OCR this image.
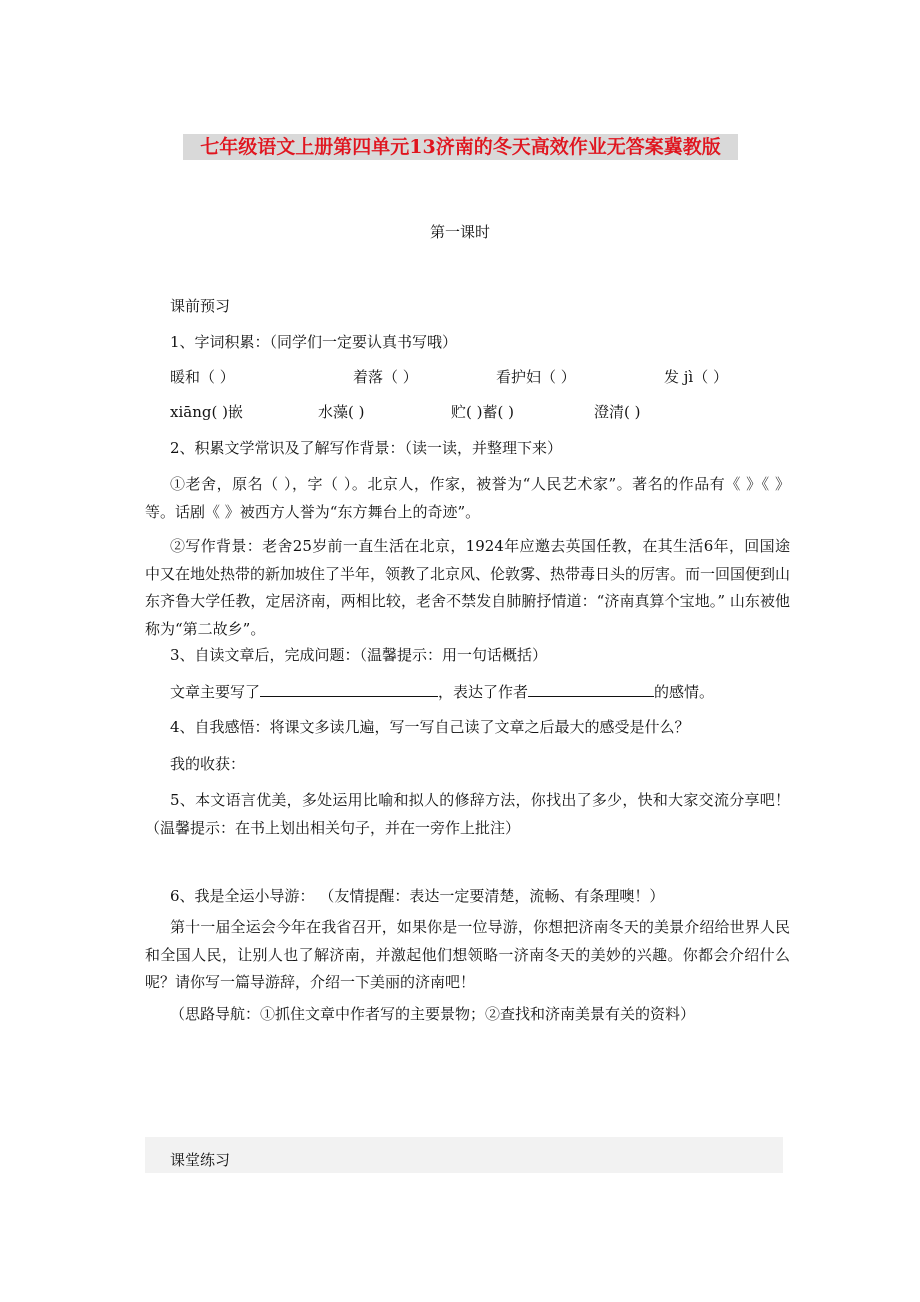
七年级语文上册第四单元13济南的冬天高效作业无答案冀教版
第一课时
课前预习
1、字词积累：（同学们一定要认真书写哦）
暖和（ ）	着落（ ）	看护妇（ ）	发 jì（ ）
xiāng( )嵌	水藻( )	贮( )蓄( )	澄清( )
2、积累文学常识及了解写作背景：（读一读，并整理下来）
①老舍，原名（ ），字（ ）。北京人，作家，被誉为“人民艺术家”。著名的作品有《 》《 》等。话剧《 》被西方人誉为“东方舞台上的奇迹”。
②写作背景：老舍25岁前一直生活在北京，1924年应邀去英国任教，在其生活6年，回国途中又在地处热带的新加坡住了半年，领教了北京风、伦敦雾、热带毒日头的厉害。而一回国便到山东齐鲁大学任教，定居济南，两相比较，老舍不禁发自肺腑抒情道：“济南真算个宝地。” 山东被他称为“第二故乡”。
3、自读文章后，完成问题：（温馨提示：用一句话概括）
文章主要写了	，表达了作者	的感情。
4、自我感悟：将课文多读几遍，写一写自己读了文章之后最大的感受是什么？
我的收获：
5、本文语言优美，多处运用比喻和拟人的修辞方法，你找出了多少，快和大家交流分享吧！（温馨提示：在书上划出相关句子，并在一旁作上批注）
6、我是全运小导游： （友情提醒：表达一定要清楚，流畅、有条理噢！）
第十一届全运会今年在我省召开，如果你是一位导游，你想把济南冬天的美景介绍给世界人民和全国人民，让别人也了解济南，并激起他们想领略一济南冬天的美妙的兴趣。你都会介绍什么呢？请你写一篇导游辞，介绍一下美丽的济南吧！
（思路导航：①抓住文章中作者写的主要景物；②查找和济南美景有关的资料）
课堂练习
